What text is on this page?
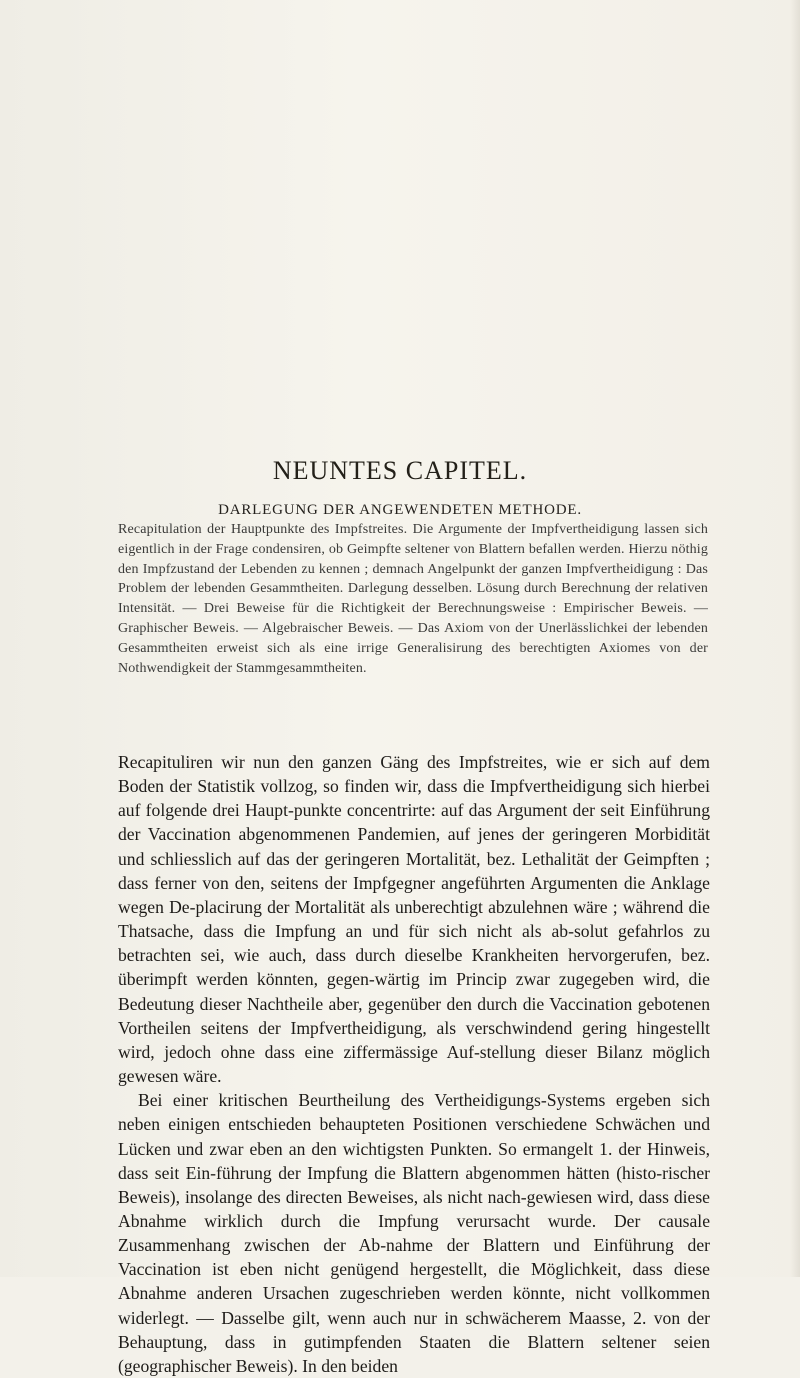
NEUNTES CAPITEL.
DARLEGUNG DER ANGEWENDETEN METHODE.
Recapitulation der Hauptpunkte des Impfstreites. Die Argumente der Impfvertheidigung lassen sich eigentlich in der Frage condensiren, ob Geimpfte seltener von Blattern befallen werden. Hierzu nöthig den Impfzustand der Lebenden zu kennen ; demnach Angelpunkt der ganzen Impfvertheidigung : Das Problem der lebenden Gesammtheiten. Darlegung desselben. Lösung durch Berechnung der relativen Intensität. — Drei Beweise für die Richtigkeit der Berechnungsweise : Empirischer Beweis. — Graphischer Beweis. — Algebraischer Beweis. — Das Axiom von der Unerlässlichkei der lebenden Gesammtheiten erweist sich als eine irrige Generalisirung des berechtigten Axiomes von der Nothwendigkeit der Stammgesammtheiten.

Recapituliren wir nun den ganzen Gäng des Impfstreites, wie er sich auf dem Boden der Statistik vollzog, so finden wir, dass die Impfvertheidigung sich hierbei auf folgende drei Haupt-punkte concentrirte: auf das Argument der seit Einführung der Vaccination abgenommenen Pandemien, auf jenes der geringeren Morbidität und schliesslich auf das der geringeren Mortalität, bez. Lethalität der Geimpften ; dass ferner von den, seitens der Impfgegner angeführten Argumenten die Anklage wegen De-placirung der Mortalität als unberechtigt abzulehnen wäre ; während die Thatsache, dass die Impfung an und für sich nicht als ab-solut gefahrlos zu betrachten sei, wie auch, dass durch dieselbe Krankheiten hervorgerufen, bez. überimpft werden könnten, gegen-wärtig im Princip zwar zugegeben wird, die Bedeutung dieser Nachtheile aber, gegenüber den durch die Vaccination gebotenen Vortheilen seitens der Impfvertheidigung, als verschwindend gering hingestellt wird, jedoch ohne dass eine ziffermässige Auf-stellung dieser Bilanz möglich gewesen wäre.

Bei einer kritischen Beurtheilung des Vertheidigungs-Systems ergeben sich neben einigen entschieden behaupteten Positionen verschiedene Schwächen und Lücken und zwar eben an den wichtigsten Punkten. So ermangelt 1. der Hinweis, dass seit Ein-führung der Impfung die Blattern abgenommen hätten (histo-rischer Beweis), insolange des directen Beweises, als nicht nach-gewiesen wird, dass diese Abnahme wirklich durch die Impfung verursacht wurde. Der causale Zusammenhang zwischen der Ab-nahme der Blattern und Einführung der Vaccination ist eben nicht genügend hergestellt, die Möglichkeit, dass diese Abnahme anderen Ursachen zugeschrieben werden könnte, nicht vollkommen widerlegt. — Dasselbe gilt, wenn auch nur in schwächerem Maasse, 2. von der Behauptung, dass in gutimpfenden Staaten die Blattern seltener seien (geographischer Beweis). In den beiden
